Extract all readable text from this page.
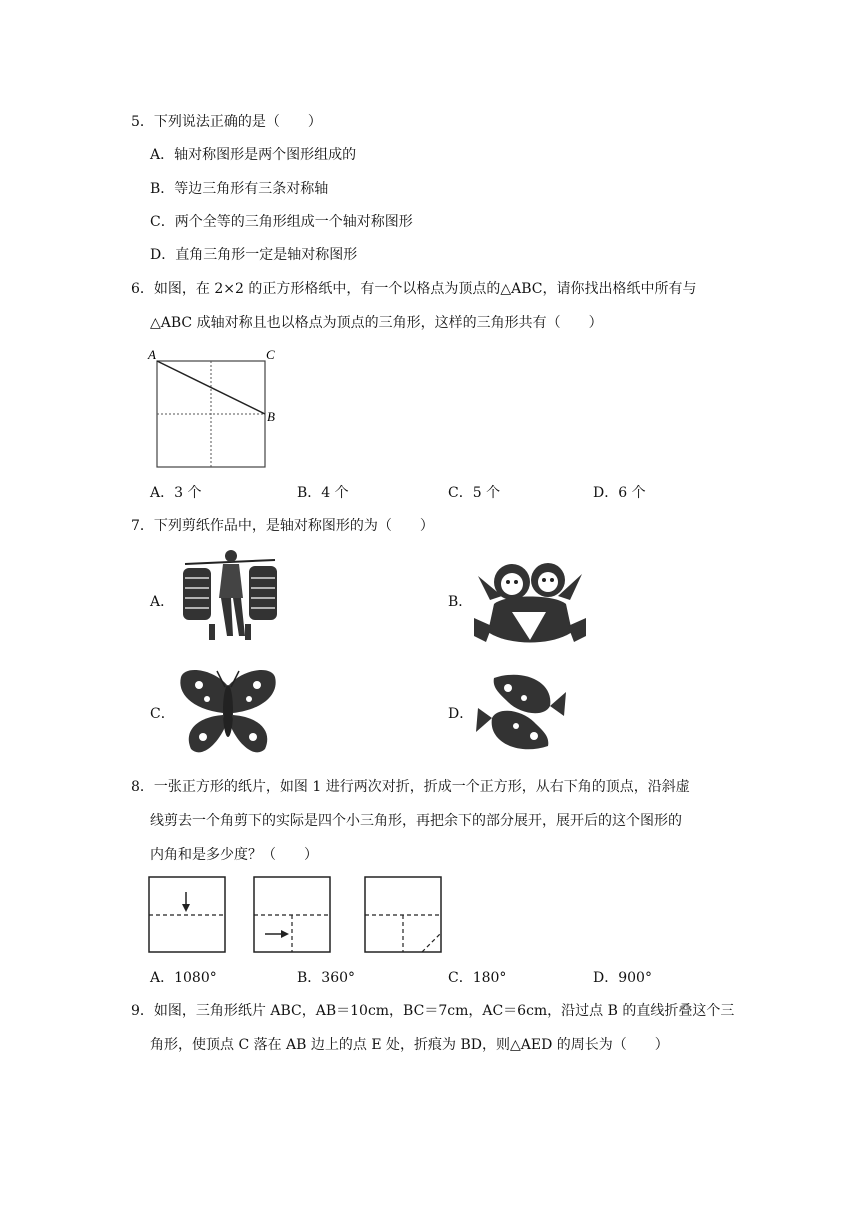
5．下列说法正确的是（　　）
A．轴对称图形是两个图形组成的
B．等边三角形有三条对称轴
C．两个全等的三角形组成一个轴对称图形
D．直角三角形一定是轴对称图形
6．如图，在 2×2 的正方形格纸中，有一个以格点为顶点的△ABC，请你找出格纸中所有与
△ABC 成轴对称且也以格点为顶点的三角形，这样的三角形共有（　　）
A	C
B
A．3 个	B．4 个	C．5 个	D．6 个
7．下列剪纸作品中，是轴对称图形的为（　　）
A．	B．
C．	D．
8．一张正方形的纸片，如图 1 进行两次对折，折成一个正方形，从右下角的顶点，沿斜虚
线剪去一个角剪下的实际是四个小三角形，再把余下的部分展开，展开后的这个图形的
内角和是多少度？（　　）
A．1080°	B．360°	C．180°	D．900°
9．如图，三角形纸片 ABC，AB＝10cm，BC＝7cm，AC＝6cm，沿过点 B 的直线折叠这个三
角形，使顶点 C 落在 AB 边上的点 E 处，折痕为 BD，则△AED 的周长为（　　）
